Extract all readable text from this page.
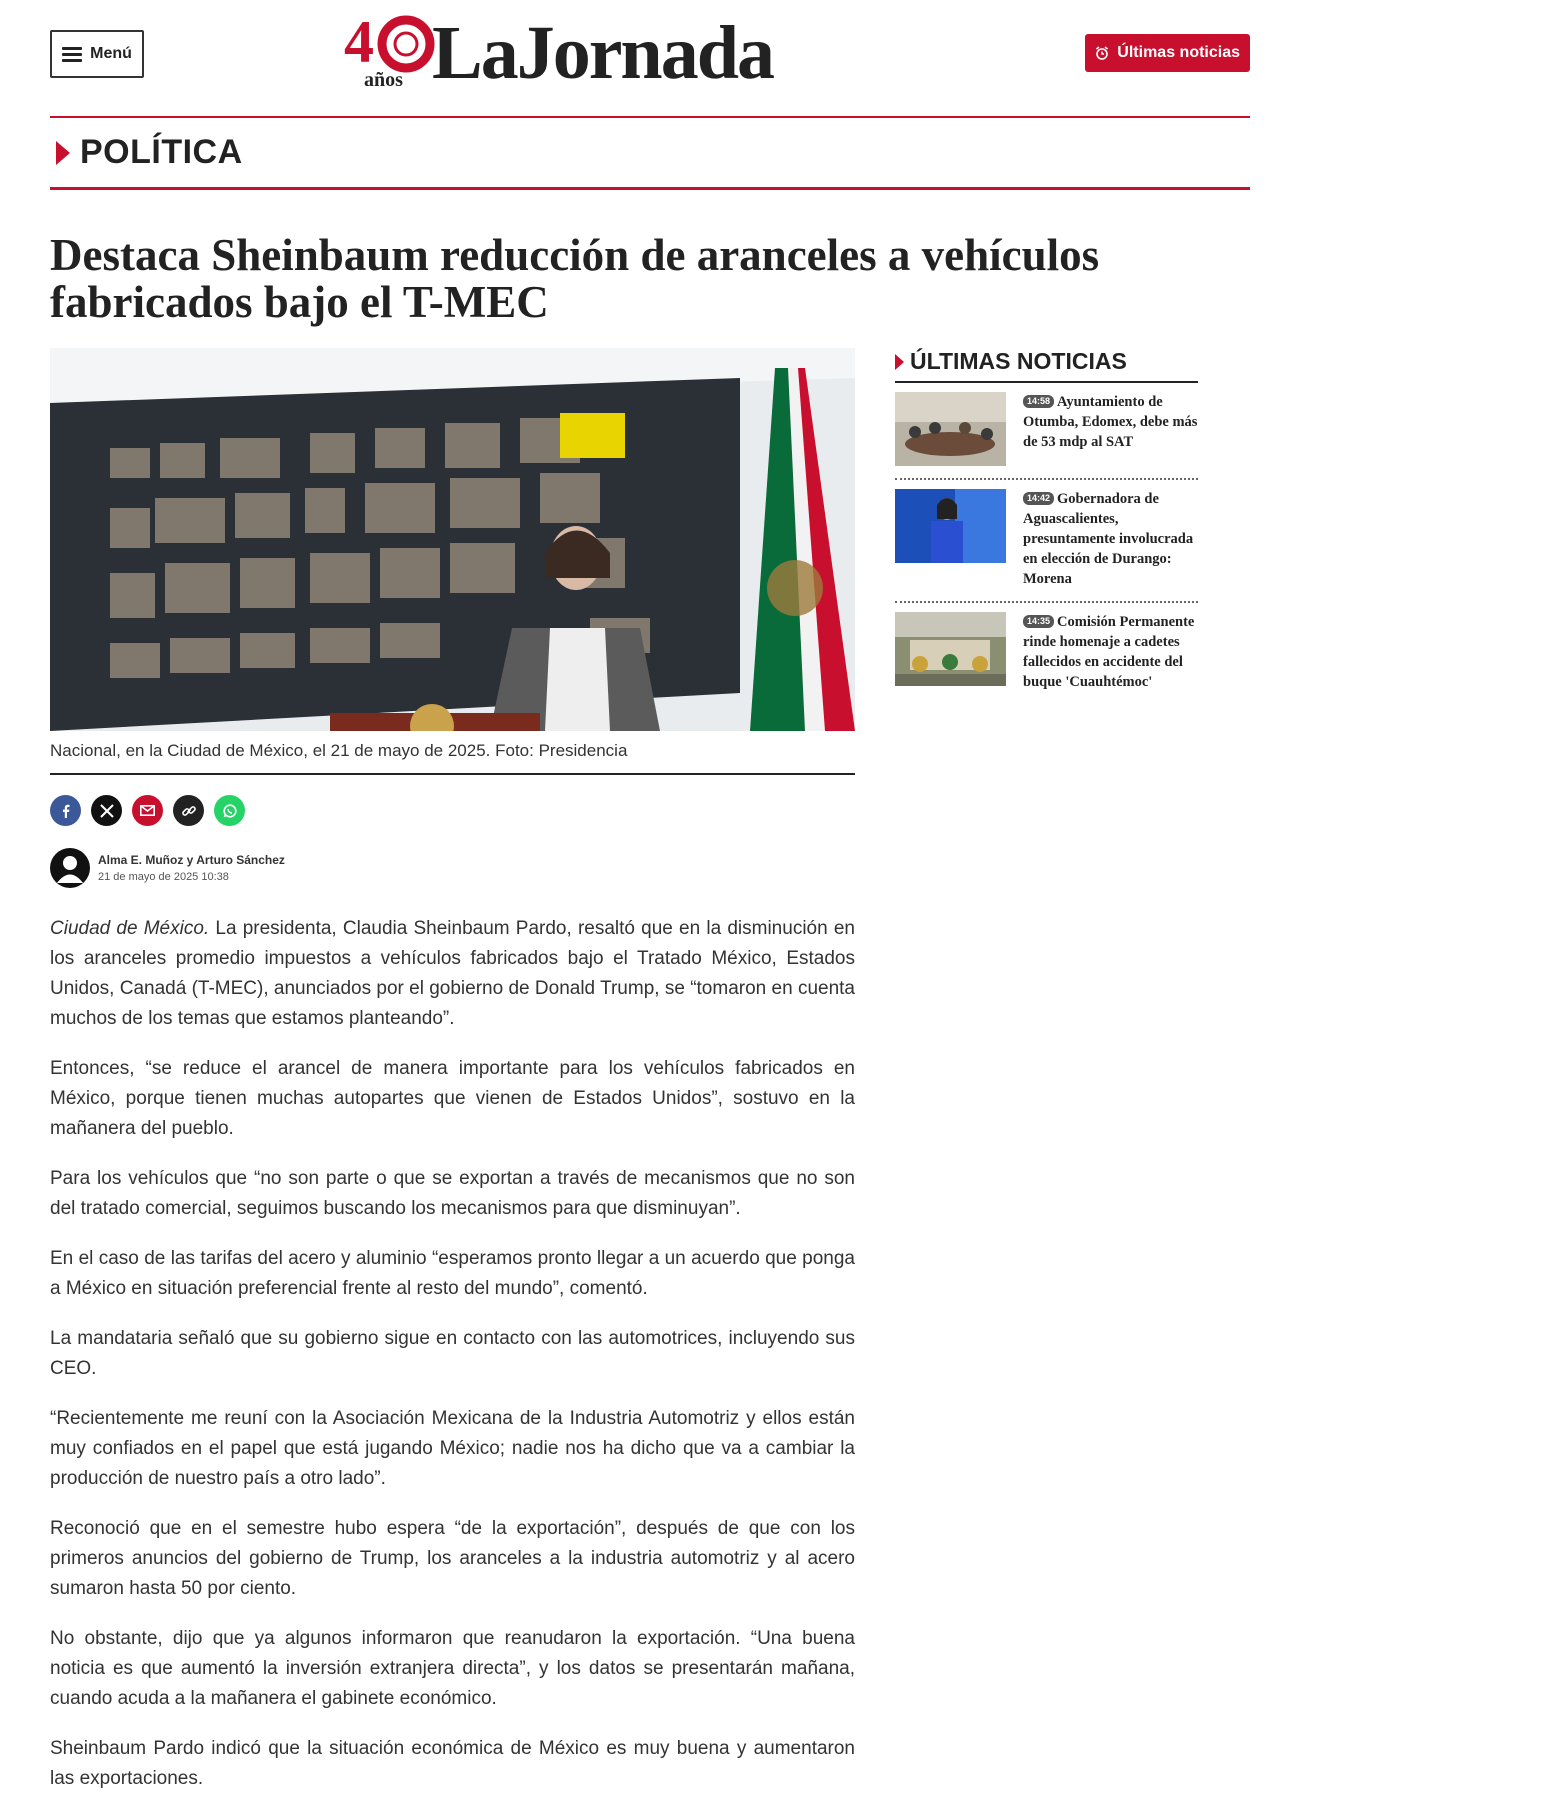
Menú	4
años LaJornada	Últimas noticias
POLÍTICA
Destaca Sheinbaum reducción de aranceles a vehículos fabricados bajo el T-MEC

Nacional, en la Ciudad de México, el 21 de mayo de 2025. Foto: Presidencia

Alma E. Muñoz y Arturo Sánchez
21 de mayo de 2025 10:38

Ciudad de México. La presidenta, Claudia Sheinbaum Pardo, resaltó que en la disminución en los aranceles promedio impuestos a vehículos fabricados bajo el Tratado México, Estados Unidos, Canadá (T-MEC), anunciados por el gobierno de Donald Trump, se “tomaron en cuenta muchos de los temas que estamos planteando”.

Entonces, “se reduce el arancel de manera importante para los vehículos fabricados en México, porque tienen muchas autopartes que vienen de Estados Unidos”, sostuvo en la mañanera del pueblo.

Para los vehículos que “no son parte o que se exportan a través de mecanismos que no son del tratado comercial, seguimos buscando los mecanismos para que disminuyan”.

En el caso de las tarifas del acero y aluminio “esperamos pronto llegar a un acuerdo que ponga a México en situación preferencial frente al resto del mundo”, comentó.

La mandataria señaló que su gobierno sigue en contacto con las automotrices, incluyendo sus CEO.

“Recientemente me reuní con la Asociación Mexicana de la Industria Automotriz y ellos están muy confiados en el papel que está jugando México; nadie nos ha dicho que va a cambiar la producción de nuestro país a otro lado”.

Reconoció que en el semestre hubo espera “de la exportación”, después de que con los primeros anuncios del gobierno de Trump, los aranceles a la industria automotriz y al acero sumaron hasta 50 por ciento.

No obstante, dijo que ya algunos informaron que reanudaron la exportación. “Una buena noticia es que aumentó la inversión extranjera directa”, y los datos se presentarán mañana, cuando acuda a la mañanera el gabinete económico.

Sheinbaum Pardo indicó que la situación económica de México es muy buena y aumentaron las exportaciones.

ÚLTIMAS NOTICIAS
14:58 Ayuntamiento de Otumba, Edomex, debe más de 53 mdp al SAT
14:42 Gobernadora de Aguascalientes, presuntamente involucrada en elección de Durango: Morena
14:35 Comisión Permanente rinde homenaje a cadetes fallecidos en accidente del buque 'Cuauhtémoc'
